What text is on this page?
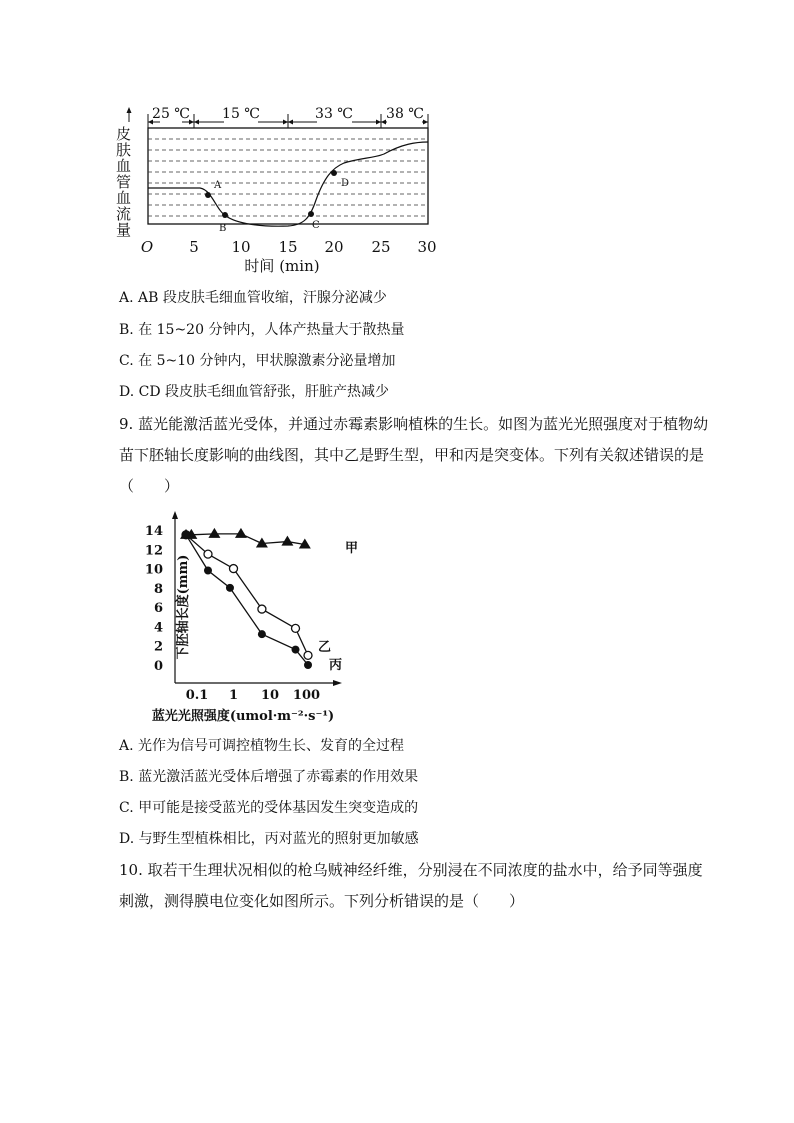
25 ℃ 15 ℃	33 ℃ 38 ℃
A
B	C
D
皮肤血管血流量
O 5 10 15 20 25 30
时间 (min)
A. AB 段皮肤毛细血管收缩，汗腺分泌减少
B. 在 15~20 分钟内，人体产热量大于散热量
C. 在 5~10 分钟内，甲状腺激素分泌量增加
D. CD 段皮肤毛细血管舒张，肝脏产热减少
9. 蓝光能激活蓝光受体，并通过赤霉素影响植株的生长。如图为蓝光光照强度对于植物幼
苗下胚轴长度影响的曲线图，其中乙是野生型，甲和丙是突变体。下列有关叙述错误的是
（　　）
14
12
10
8
6
4
2
0
0.1 1 10 100
下胚轴长度(mm)
蓝光光照强度(umol·m⁻²·s⁻¹)
甲
乙
丙
A. 光作为信号可调控植物生长、发育的全过程
B. 蓝光激活蓝光受体后增强了赤霉素的作用效果
C. 甲可能是接受蓝光的受体基因发生突变造成的
D. 与野生型植株相比，丙对蓝光的照射更加敏感
10. 取若干生理状况相似的枪乌贼神经纤维，分别浸在不同浓度的盐水中，给予同等强度
刺激，测得膜电位变化如图所示。下列分析错误的是（　　）
